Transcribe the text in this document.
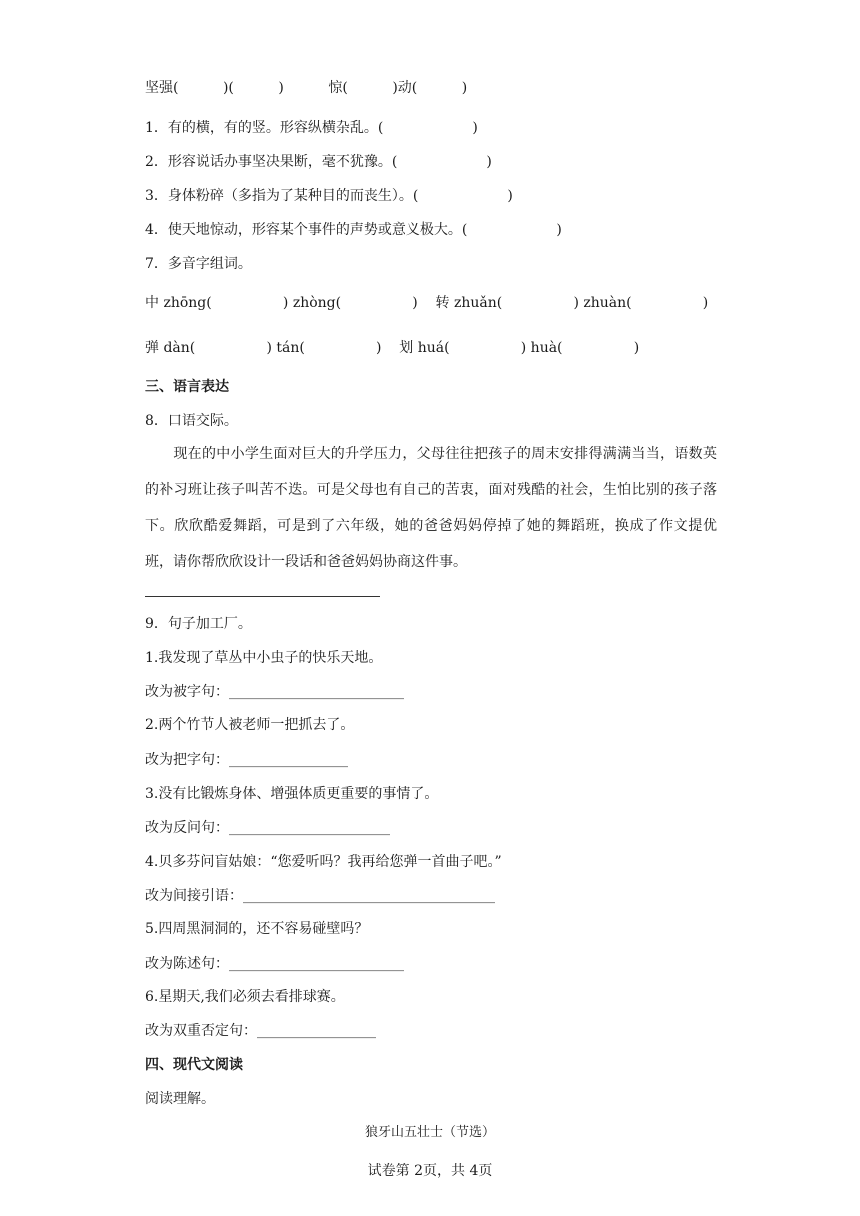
坚强(          )(          )          惊(          )动(          )
1．有的横，有的竖。形容纵横杂乱。(                    )
2．形容说话办事坚决果断，毫不犹豫。(                    )
3．身体粉碎（多指为了某种目的而丧生）。(                    )
4．使天地惊动，形容某个事件的声势或意义极大。(                    )
7．多音字组词。
中 zhōng(                ) zhòng(                )    转 zhuǎn(                ) zhuàn(                )
弹 dàn(                ) tán(                )    划 huá(                ) huà(                )
三、语言表达
8．口语交际。
现在的中小学生面对巨大的升学压力，父母往往把孩子的周末安排得满满当当，语数英的补习班让孩子叫苦不迭。可是父母也有自己的苦衷，面对残酷的社会，生怕比别的孩子落下。欣欣酷爱舞蹈，可是到了六年级，她的爸爸妈妈停掉了她的舞蹈班，换成了作文提优班，请你帮欣欣设计一段话和爸爸妈妈协商这件事。
9．句子加工厂。
1.我发现了草丛中小虫子的快乐天地。
改为被字句：_________________________
2.两个竹节人被老师一把抓去了。
改为把字句：_________________
3.没有比锻炼身体、增强体质更重要的事情了。
改为反问句：_______________________
4.贝多芬问盲姑娘：“您爱听吗？我再给您弹一首曲子吧。”
改为间接引语：____________________________________
5.四周黑洞洞的，还不容易碰壁吗？
改为陈述句：_________________________
6.星期天,我们必须去看排球赛。
改为双重否定句：_________________
四、现代文阅读
阅读理解。
狼牙山五壮士（节选）
试卷第 2页，共 4页
